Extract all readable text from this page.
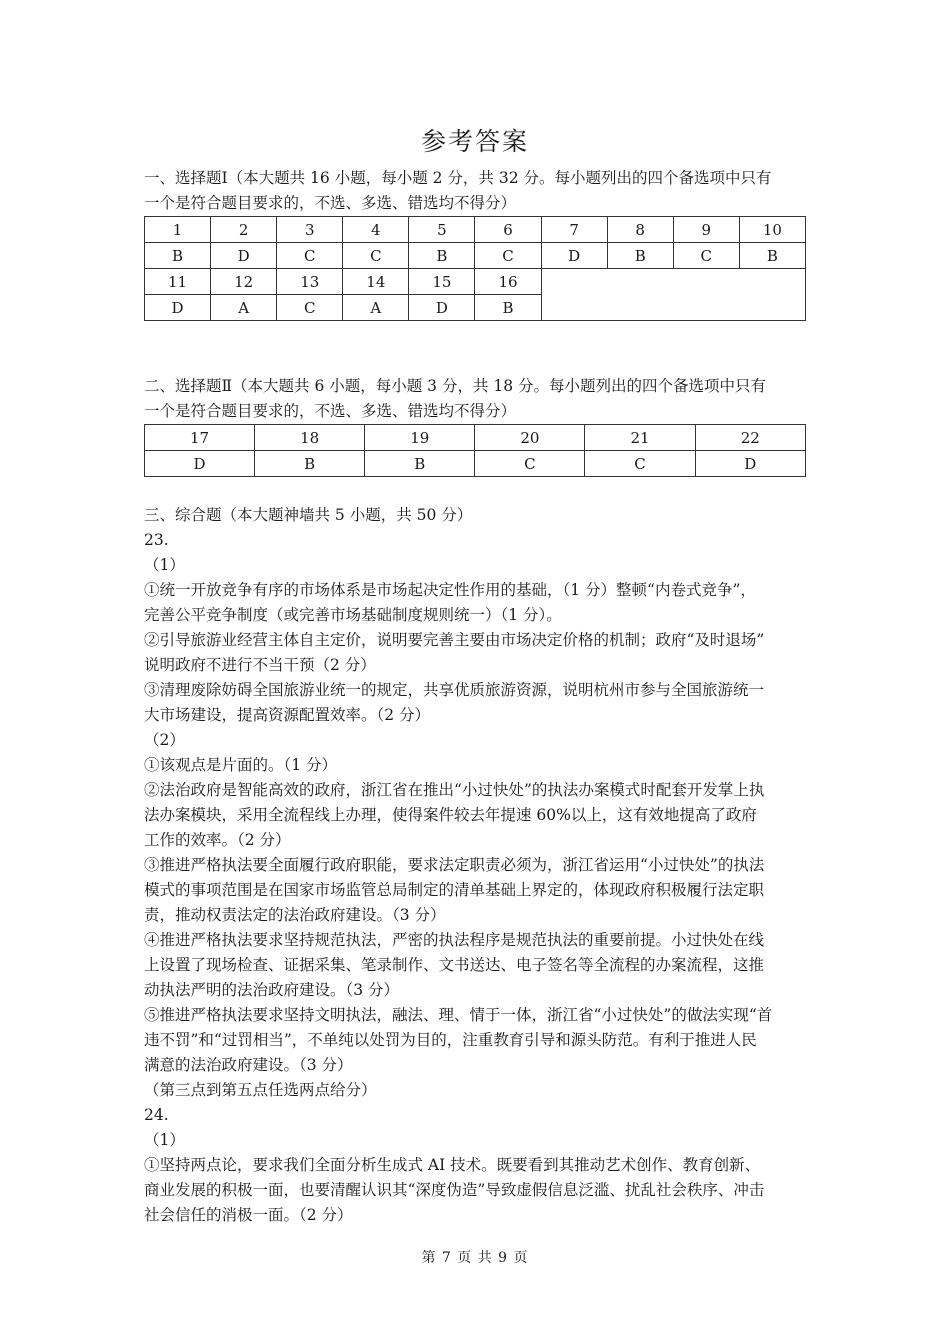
参考答案
一、选择题Ⅰ（本大题共 16 小题，每小题 2 分，共 32 分。每小题列出的四个备选项中只有
一个是符合题目要求的，不选、多选、错选均不得分）
1	2	3	4	5	6	7	8	9	10
B	D	C	C	B	C	D	B	C	B
11	12	13	14	15	16				
D	A	C	A	D	B				
二、选择题Ⅱ（本大题共 6 小题，每小题 3 分，共 18 分。每小题列出的四个备选项中只有
一个是符合题目要求的，不选、多选、错选均不得分）
17	18	19	20	21	22
D	B	B	C	C	D
三、综合题（本大题神墙共 5 小题，共 50 分）
23.
（1）
①统一开放竞争有序的市场体系是市场起决定性作用的基础，（1 分）整顿“内卷式竞争”，
完善公平竞争制度（或完善市场基础制度规则统一）（1 分）。
②引导旅游业经营主体自主定价，说明要完善主要由市场决定价格的机制；政府“及时退场”
说明政府不进行不当干预（2 分）
③清理废除妨碍全国旅游业统一的规定，共享优质旅游资源，说明杭州市参与全国旅游统一
大市场建设，提高资源配置效率。（2 分）
（2）
①该观点是片面的。（1 分）
②法治政府是智能高效的政府，浙江省在推出“小过快处”的执法办案模式时配套开发掌上执
法办案模块，采用全流程线上办理，使得案件较去年提速 60%以上，这有效地提高了政府
工作的效率。（2 分）
③推进严格执法要全面履行政府职能，要求法定职责必须为，浙江省运用“小过快处”的执法
模式的事项范围是在国家市场监管总局制定的清单基础上界定的，体现政府积极履行法定职
责，推动权责法定的法治政府建设。（3 分）
④推进严格执法要求坚持规范执法，严密的执法程序是规范执法的重要前提。小过快处在线
上设置了现场检查、证据采集、笔录制作、文书送达、电子签名等全流程的办案流程，这推
动执法严明的法治政府建设。（3 分）
⑤推进严格执法要求坚持文明执法，融法、理、情于一体，浙江省“小过快处”的做法实现“首
违不罚”和“过罚相当”，不单纯以处罚为目的，注重教育引导和源头防范。有利于推进人民
满意的法治政府建设。（3 分）
（第三点到第五点任选两点给分）
24.
（1）
①坚持两点论，要求我们全面分析生成式 AI 技术。既要看到其推动艺术创作、教育创新、
商业发展的积极一面，也要清醒认识其“深度伪造”导致虚假信息泛滥、扰乱社会秩序、冲击
社会信任的消极一面。（2 分）
第 7 页 共 9 页
